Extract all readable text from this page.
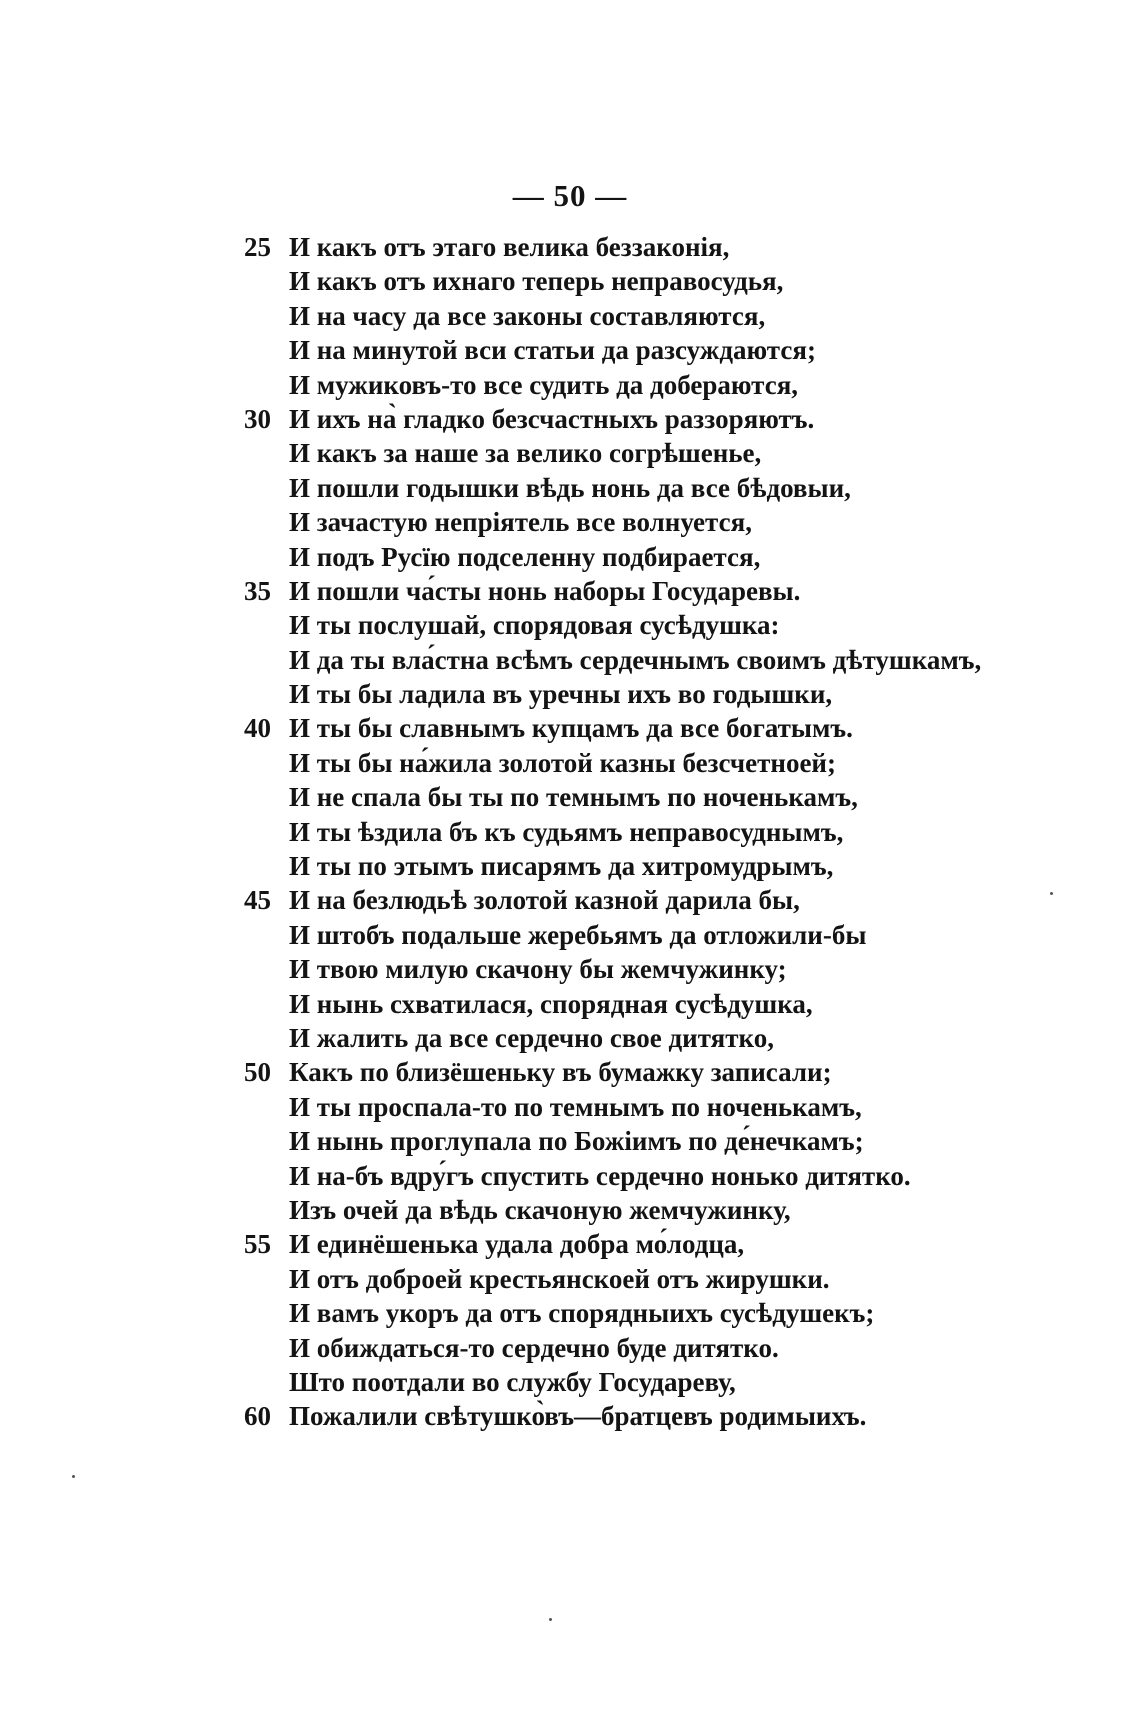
— 50 —
25 И какъ отъ этаго велика беззаконія,
И какъ отъ ихнаго теперь неправосудья,
И на часу да все законы составляются,
И на минутой вси статьи да разсуждаются;
И мужиковъ-то все судить да добераются,
30 И ихъ на̀ гладко безсчастныхъ раззоряютъ.
И какъ за наше за велико согрѣшенье,
И пошли годышки вѣдь нонь да все бѣдовыи,
И зачастую непріятель все волнуется,
И подъ Русїю подселенну подбирается,
35 И пошли ча́сты нонь наборы Государевы.
И ты послушай, спорядовая сусѣдушка:
И да ты вла́стна всѣмъ сердечнымъ своимъ дѣтушкамъ,
И ты бы ладила въ уречны ихъ во годышки,
40 И ты бы славнымъ купцамъ да все богатымъ.
И ты бы на́жила золотой казны безсчетноей;
И не спала бы ты по темнымъ по ноченькамъ,
И ты ѣздила бъ къ судьямъ неправосуднымъ,
И ты по этымъ писарямъ да хитромудрымъ,
45 И на безлюдьѣ золотой казной дарила бы,
И штобъ подальше жеребьямъ да отложили-бы
И твою милую скачону бы жемчужинку;
И нынь схватилася, спорядная сусѣдушка,
И жалить да все сердечно свое дитятко,
50 Какъ по близёшеньку въ бумажку записали;
И ты проспала-то по темнымъ по ноченькамъ,
И нынь проглупала по Божіимъ по де́нечкамъ;
И на-бъ вдру́гъ спустить сердечно нонько дитятко.
Изъ очей да вѣдь скачоную жемчужинку,
55 И единёшенька удала добра мо́лодца,
И отъ доброей крестьянскоей отъ жирушки.
И вамъ укоръ да отъ спорядныихъ сусѣдушекъ;
И обиждаться-то сердечно буде дитятко.
Што поотдали во службу Государеву,
60 Пожалили свѣтушко̀въ—братцевъ родимыихъ.
